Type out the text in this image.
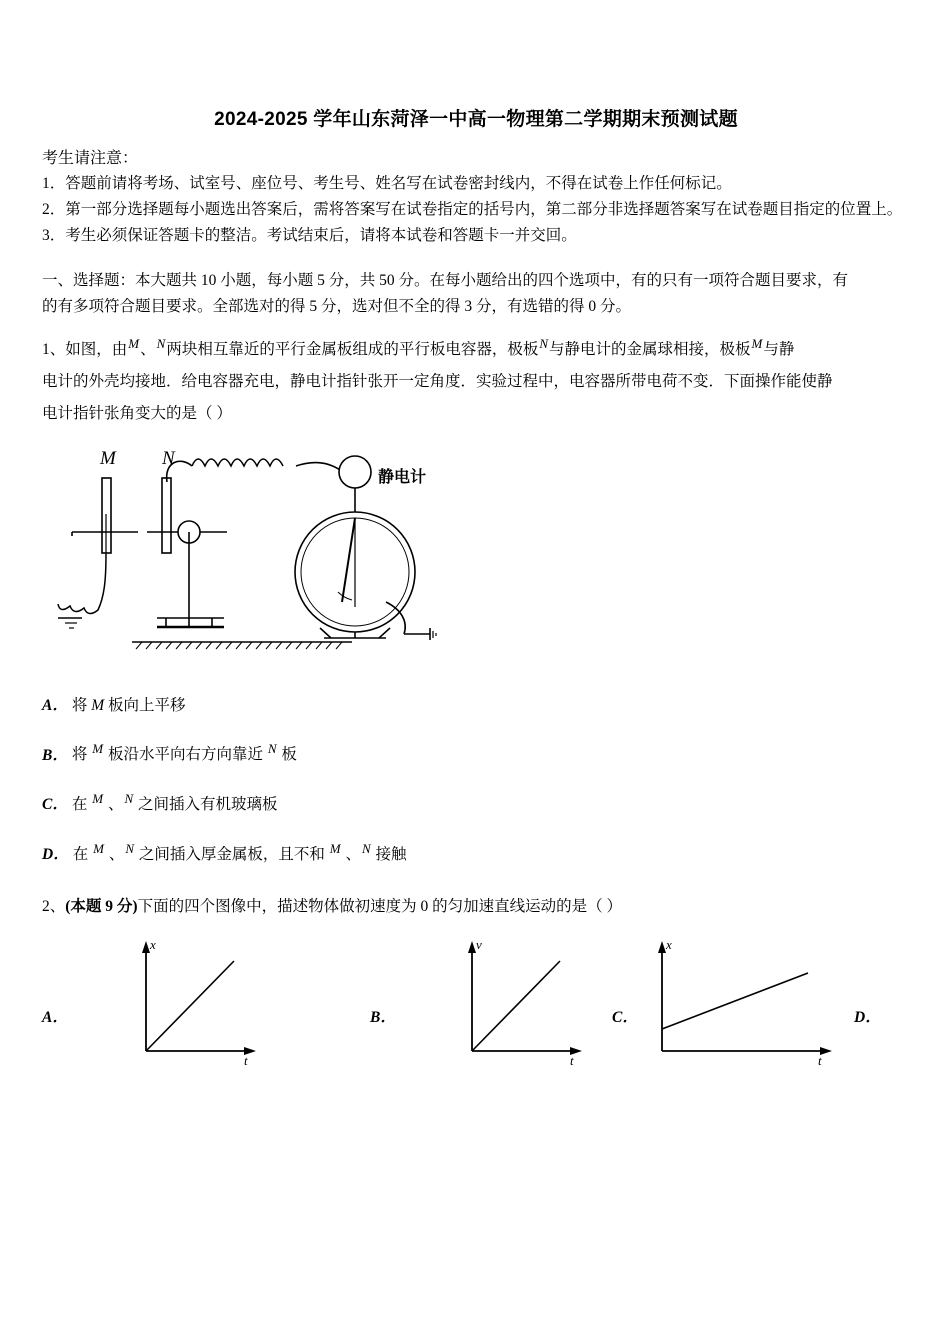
2024-2025 学年山东菏泽一中高一物理第二学期期末预测试题
考生请注意：
1．答题前请将考场、试室号、座位号、考生号、姓名写在试卷密封线内，不得在试卷上作任何标记。
2．第一部分选择题每小题选出答案后，需将答案写在试卷指定的括号内，第二部分非选择题答案写在试卷题目指定的位置上。
3．考生必须保证答题卡的整洁。考试结束后，请将本试卷和答题卡一并交回。
一、选择题：本大题共 10 小题，每小题 5 分，共 50 分。在每小题给出的四个选项中，有的只有一项符合题目要求，有
的有多项符合题目要求。全部选对的得 5 分，选对但不全的得 3 分，有选错的得 0 分。
1、如图，由$^M$、$^N$两块相互靠近的平行金属板组成的平行板电容器，极板$^N$与静电计的金属球相接，极板$^M$与静
电计的外壳均接地．给电容器充电，静电计指针张开一定角度．实验过程中，电容器所带电荷不变．下面操作能使静
电计指针张角变大的是（ ）
M N
静电计
A． 将 M 板向上平移
B． 将 $^M$ 板沿水平向右方向靠近 $^N$ 板
C． 在 $^M$ 、$^N$ 之间插入有机玻璃板
D． 在 $^M$ 、$^N$ 之间插入厚金属板，且不和 $^M$ 、$^N$ 接触
2、(本题 9 分)下面的四个图像中，描述物体做初速度为 0 的匀加速直线运动的是（ ）
A．
x
t
B．
v
t
C．
x
t
D．
